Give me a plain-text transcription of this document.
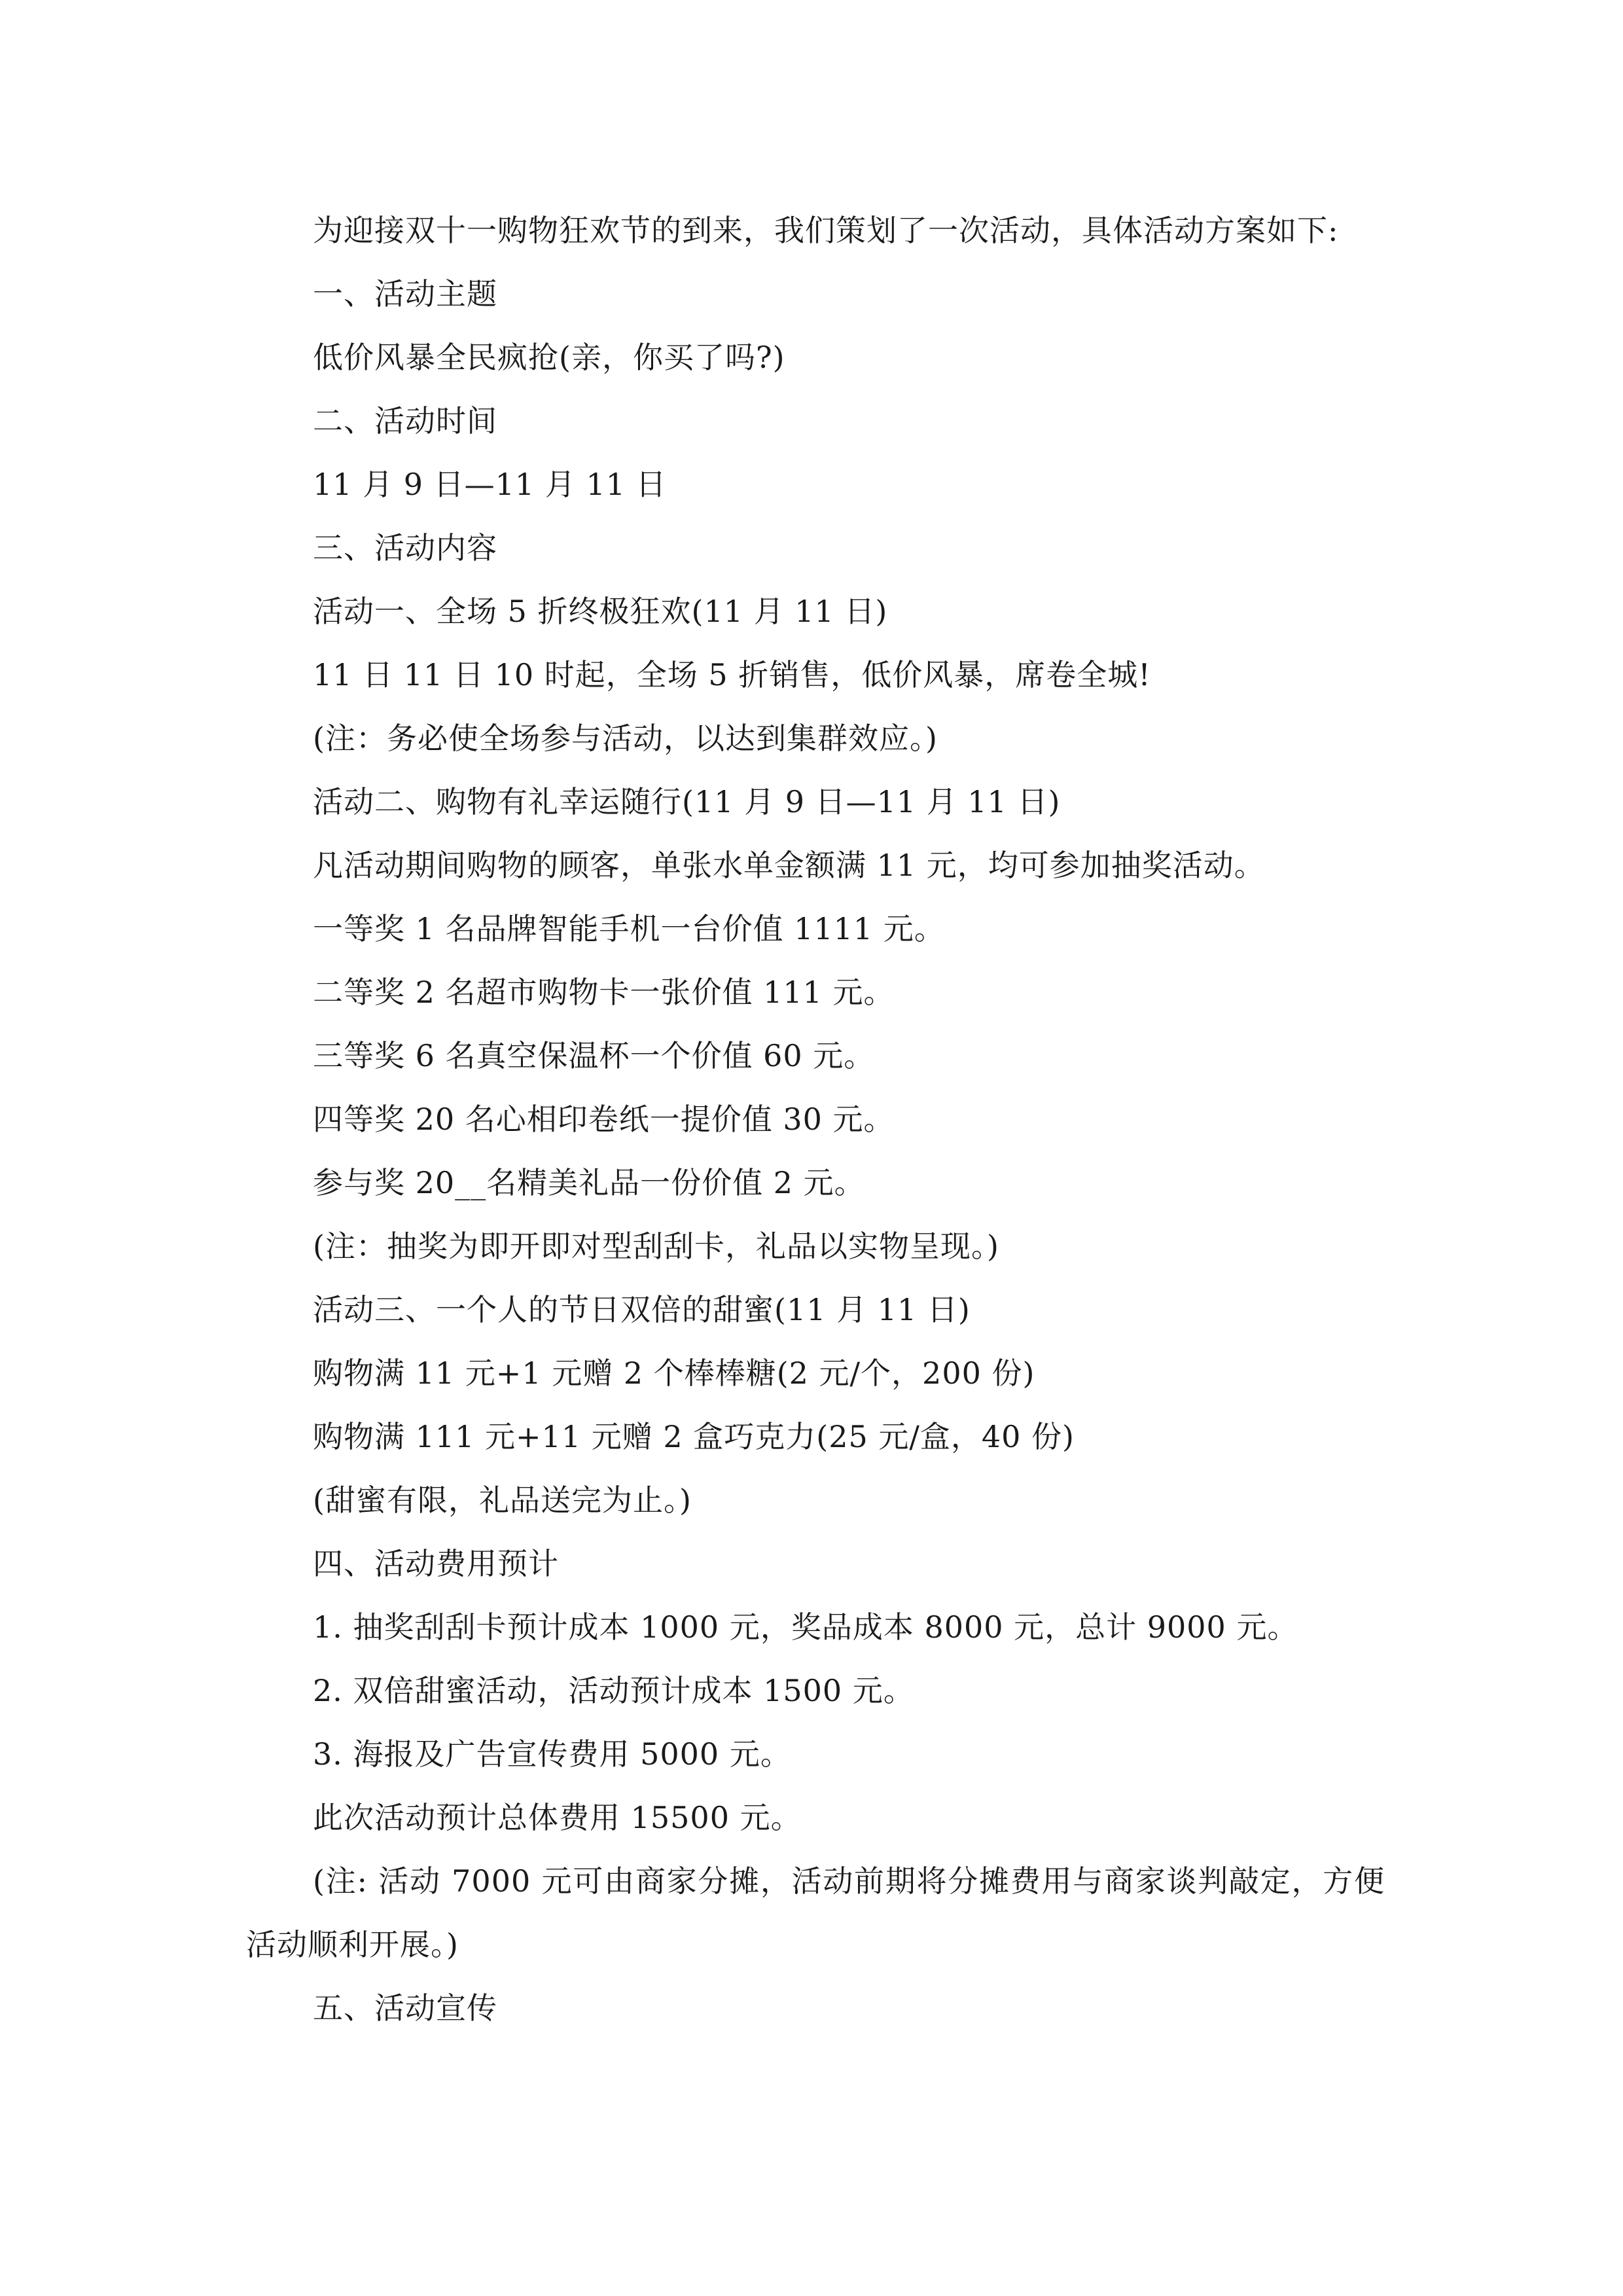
为迎接双十一购物狂欢节的到来，我们策划了一次活动，具体活动方案如下:
一、活动主题
低价风暴全民疯抢(亲，你买了吗?)
二、活动时间
11 月 9 日—11 月 11 日
三、活动内容
活动一、全场 5 折终极狂欢(11 月 11 日)
11 日 11 日 10 时起，全场 5 折销售，低价风暴，席卷全城!
(注：务必使全场参与活动，以达到集群效应。)
活动二、购物有礼幸运随行(11 月 9 日—11 月 11 日)
凡活动期间购物的顾客，单张水单金额满 11 元，均可参加抽奖活动。
一等奖 1 名品牌智能手机一台价值 1111 元。
二等奖 2 名超市购物卡一张价值 111 元。
三等奖 6 名真空保温杯一个价值 60 元。
四等奖 20 名心相印卷纸一提价值 30 元。
参与奖 20__名精美礼品一份价值 2 元。
(注：抽奖为即开即对型刮刮卡，礼品以实物呈现。)
活动三、一个人的节日双倍的甜蜜(11 月 11 日)
购物满 11 元+1 元赠 2 个棒棒糖(2 元/个，200 份)
购物满 111 元+11 元赠 2 盒巧克力(25 元/盒，40 份)
(甜蜜有限，礼品送完为止。)
四、活动费用预计
1. 抽奖刮刮卡预计成本 1000 元，奖品成本 8000 元，总计 9000 元。
2. 双倍甜蜜活动，活动预计成本 1500 元。
3. 海报及广告宣传费用 5000 元。
此次活动预计总体费用 15500 元。
(注: 活动 7000 元可由商家分摊，活动前期将分摊费用与商家谈判敲定，方便活动顺利开展。)
五、活动宣传
